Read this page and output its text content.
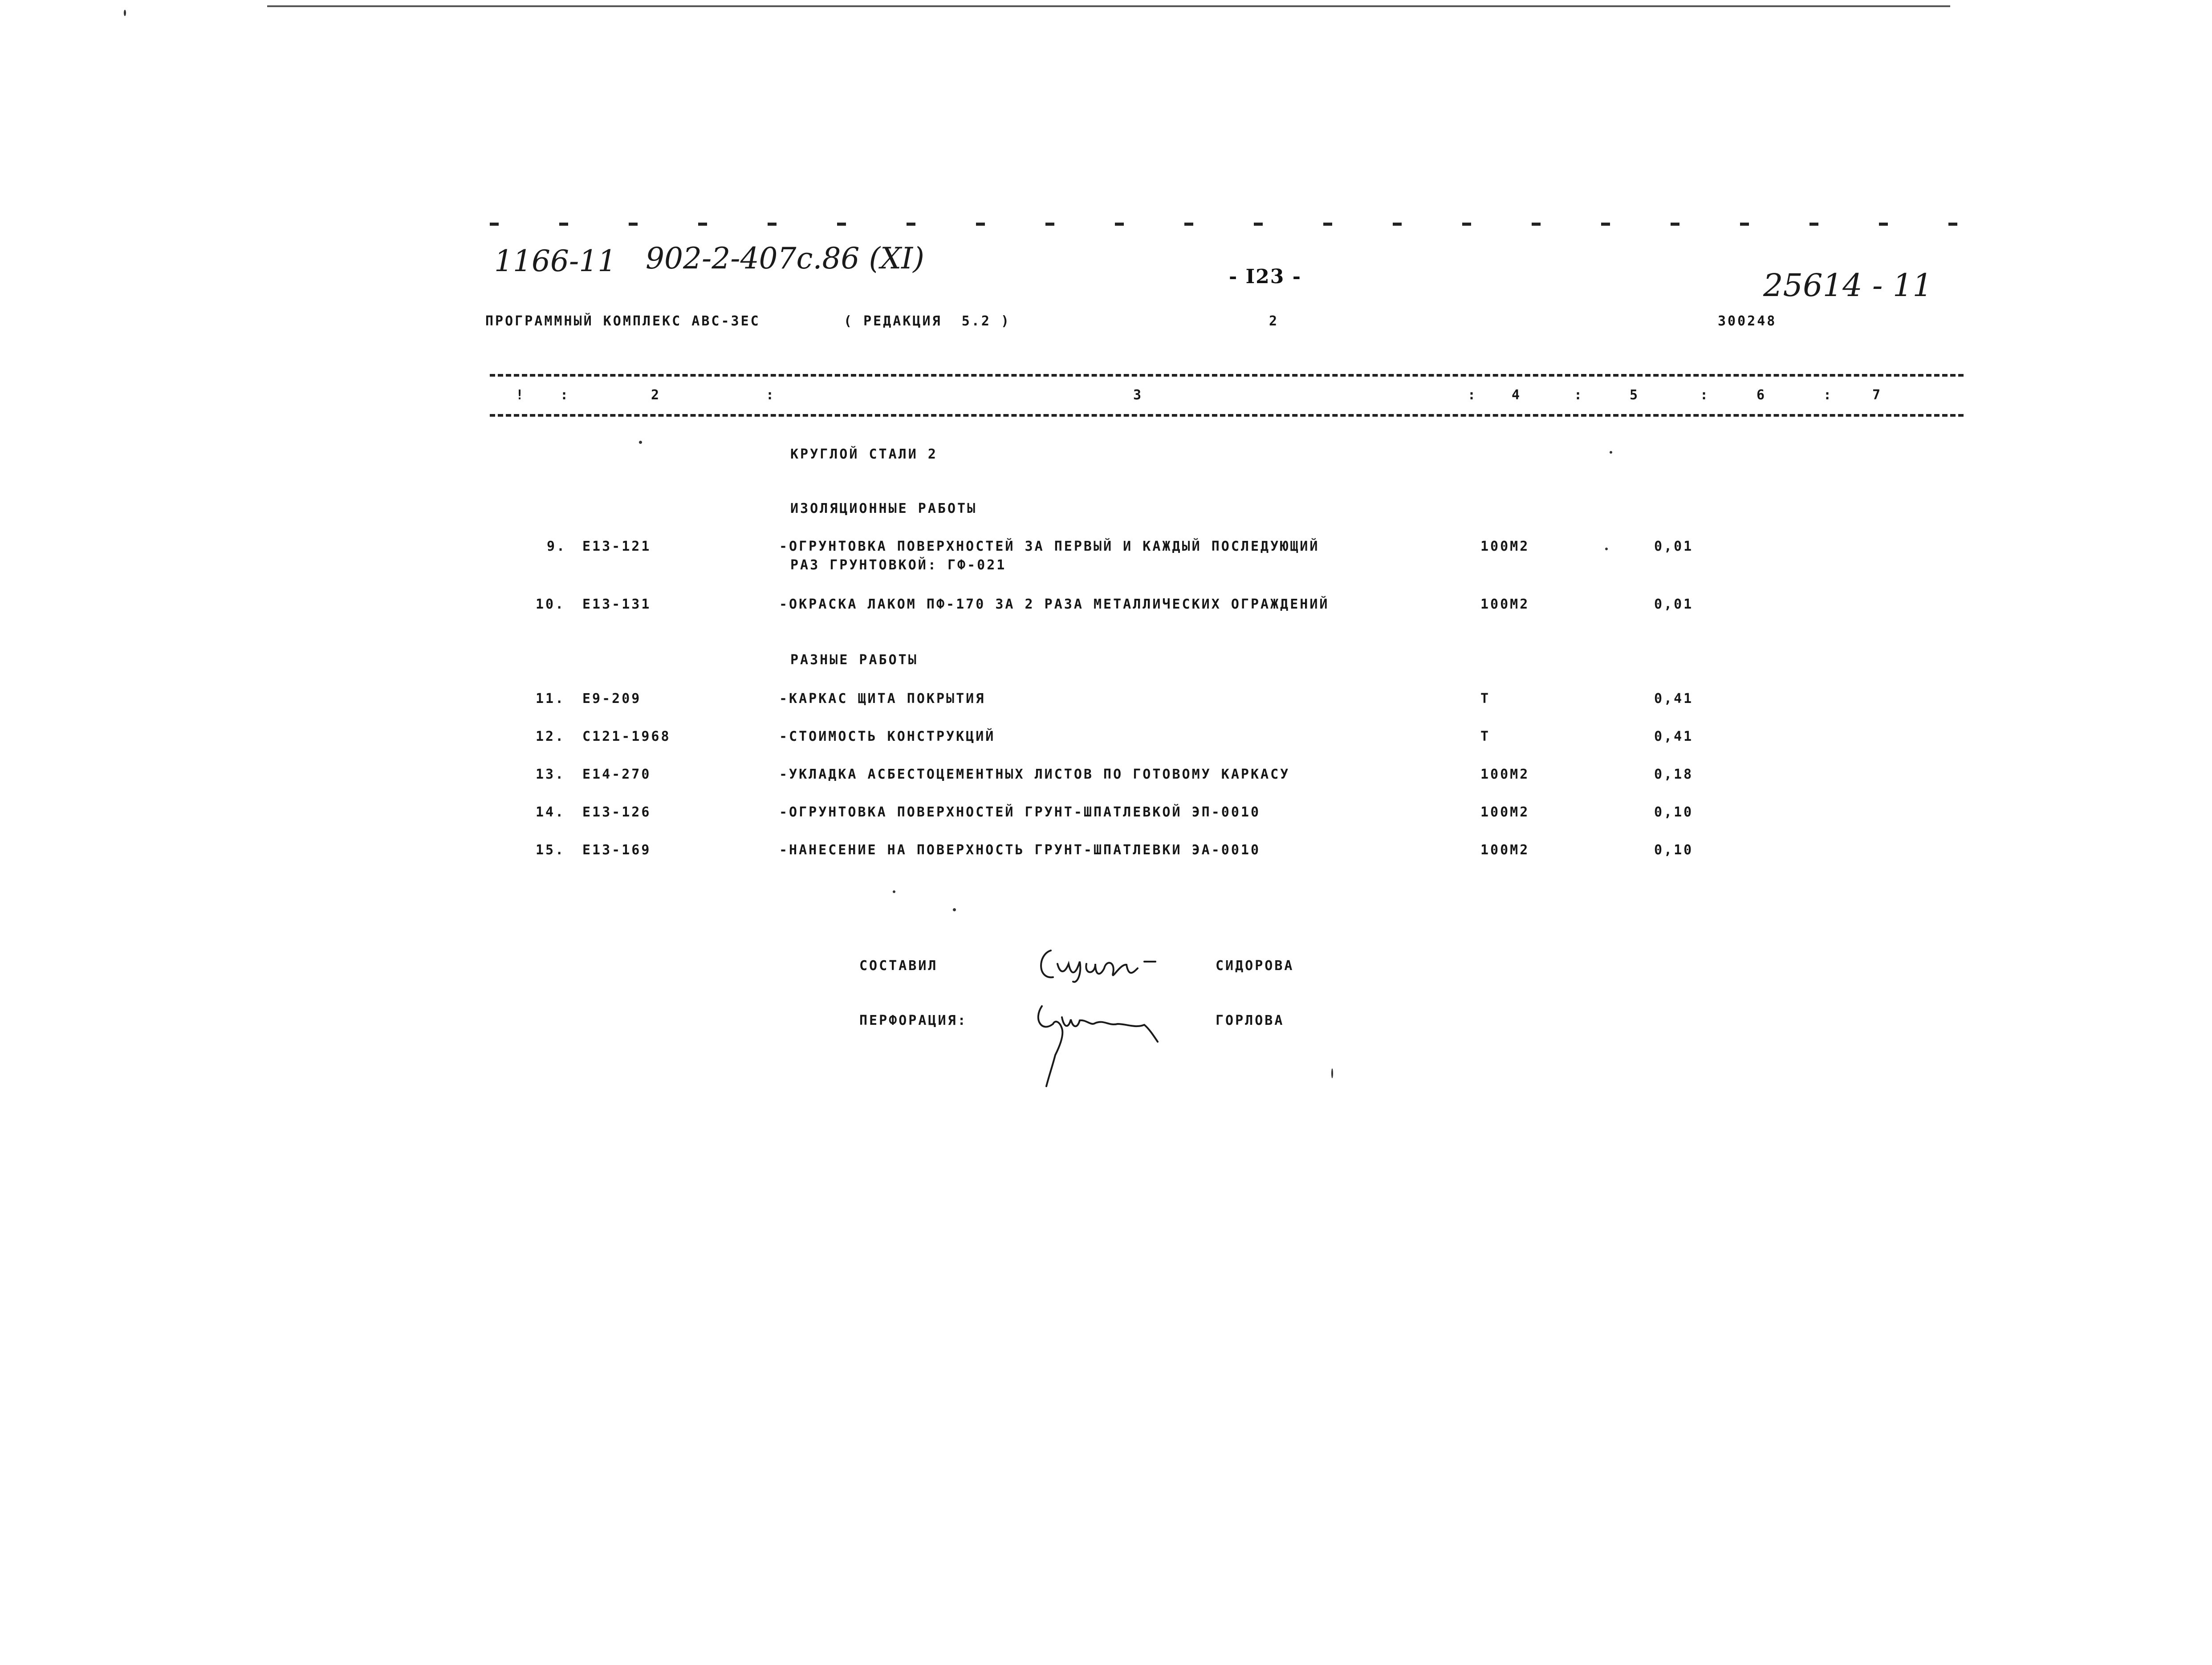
1166-11 902-2-407c.86 (XI)
25614 - 11
- I23 -
ПРОГРАММНЫЙ КОМПЛЕКС АВС-ЗЕС	( РЕДАКЦИЯ  5.2 )	2	300248
!	:	2	:	3	:	4	:	5	:	6	:	7
КРУГЛОЙ СТАЛИ 2
ИЗОЛЯЦИОННЫЕ РАБОТЫ
9. Е13-121	-ОГРУНТОВКА ПОВЕРХНОСТЕЙ ЗА ПЕРВЫЙ И КАЖДЫЙ ПОСЛЕДУЮЩИЙ
РАЗ ГРУНТОВКОЙ: ГФ-021
100М2	0,01
10. Е13-131	-ОКРАСКА ЛАКОМ ПФ-170 ЗА 2 РАЗА МЕТАЛЛИЧЕСКИХ ОГРАЖДЕНИЙ	100М2	0,01
РАЗНЫЕ РАБОТЫ
11. Е9-209	-КАРКАС ЩИТА ПОКРЫТИЯ	Т	0,41
12. С121-1968	-СТОИМОСТЬ КОНСТРУКЦИЙ	Т	0,41
13. Е14-270	-УКЛАДКА АСБЕСТОЦЕМЕНТНЫХ ЛИСТОВ ПО ГОТОВОМУ КАРКАСУ	100М2	0,18
14. Е13-126	-ОГРУНТОВКА ПОВЕРХНОСТЕЙ ГРУНТ-ШПАТЛЕВКОЙ ЭП-0010	100М2	0,10
15. Е13-169	-НАНЕСЕНИЕ НА ПОВЕРХНОСТЬ ГРУНТ-ШПАТЛЕВКИ ЭА-0010	100М2	0,10
СОСТАВИЛ	СИДОРОВА
ПЕРФОРАЦИЯ:	ГОРЛОВА
